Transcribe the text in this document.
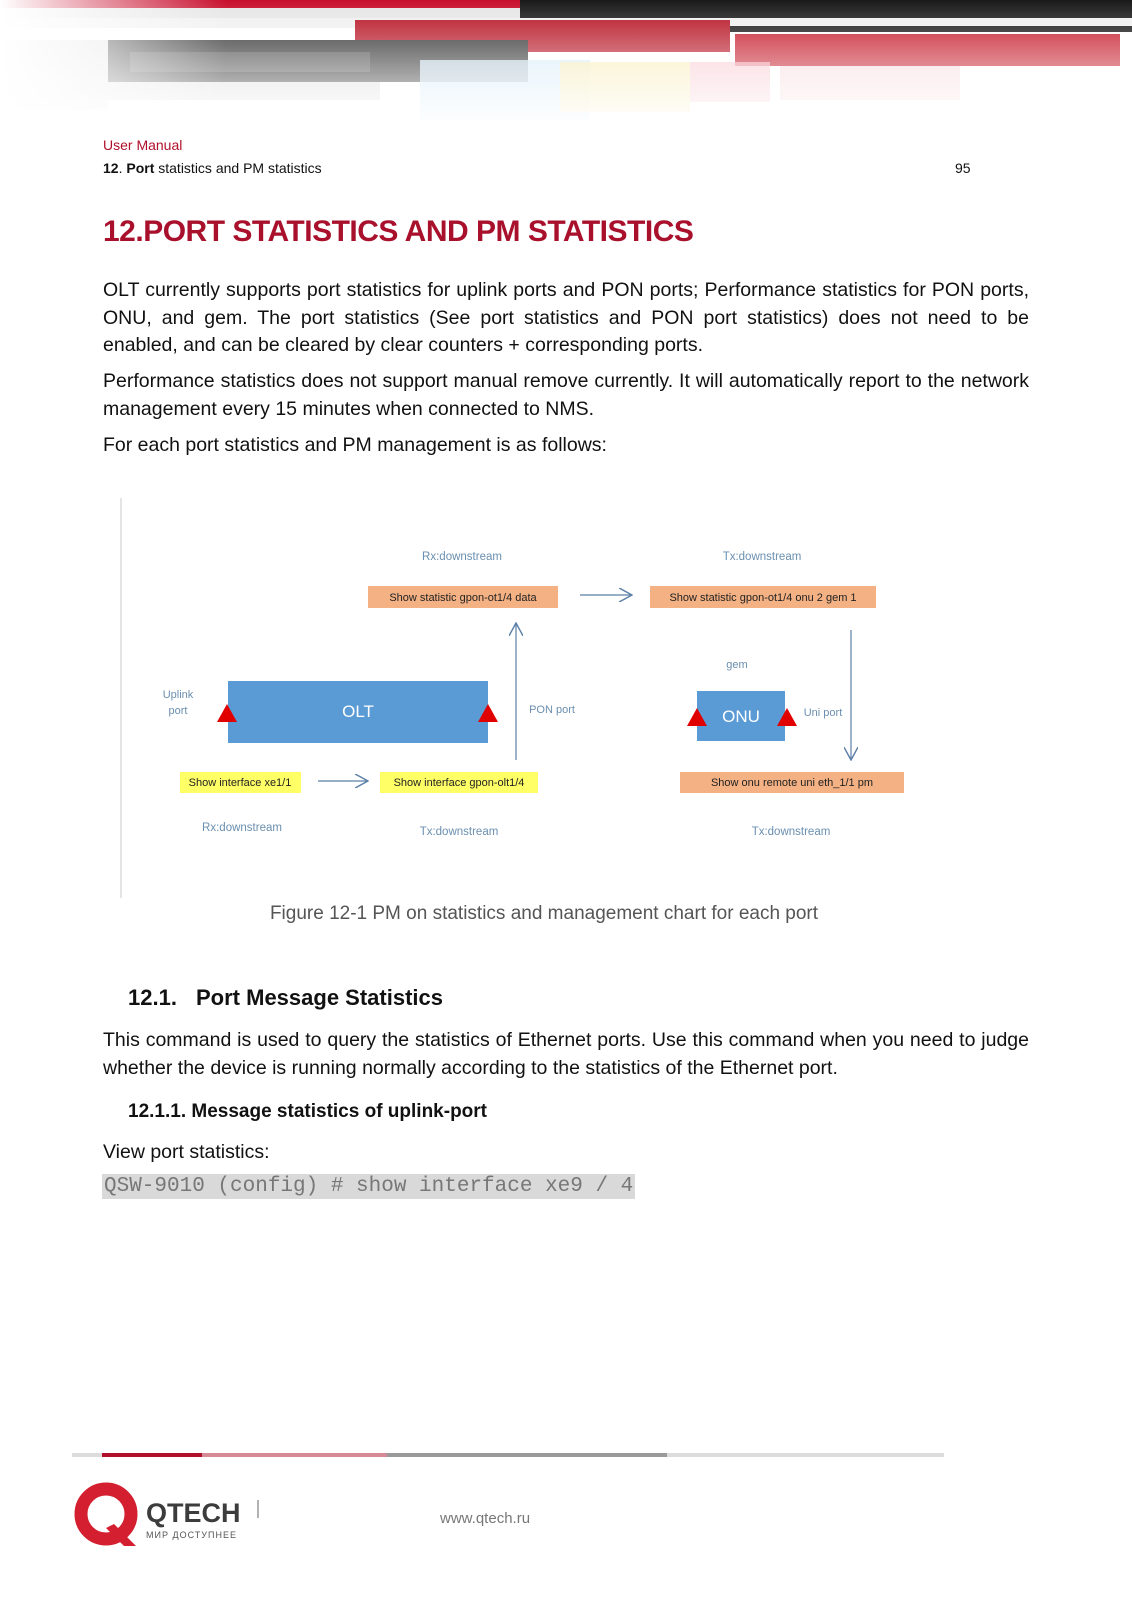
User Manual
12. Port statistics and PM statistics	95
12.PORT STATISTICS AND PM STATISTICS

OLT currently supports port statistics for uplink ports and PON ports; Performance statistics for PON ports, ONU, and gem. The port statistics (See port statistics and PON port statistics) does not need to be enabled, and can be cleared by clear counters + corresponding ports.

Performance statistics does not support manual remove currently. It will automatically report to the network management every 15 minutes when connected to NMS.

For each port statistics and PM management is as follows:

Rx:downstream	Tx:downstream
Show statistic gpon-ot1/4 data	Show statistic gpon-ot1/4 onu 2 gem 1
gem
Uplink
port	OLT	PON port	ONU	Uni port
Show interface xe1/1	Show interface gpon-olt1/4	Show onu remote uni eth_1/1 pm
Rx:downstream	Tx:downstream	Tx:downstream
Figure 12-1 PM on statistics and management chart for each port
12.1. Port Message Statistics

This command is used to query the statistics of Ethernet ports. Use this command when you need to judge whether the device is running normally according to the statistics of the Ethernet port.

12.1.1. Message statistics of uplink-port

View port statistics:

QSW-9010 (config) # show interface xe9 / 4
QTECH
МИР ДОСТУПНЕЕ
www.qtech.ru
